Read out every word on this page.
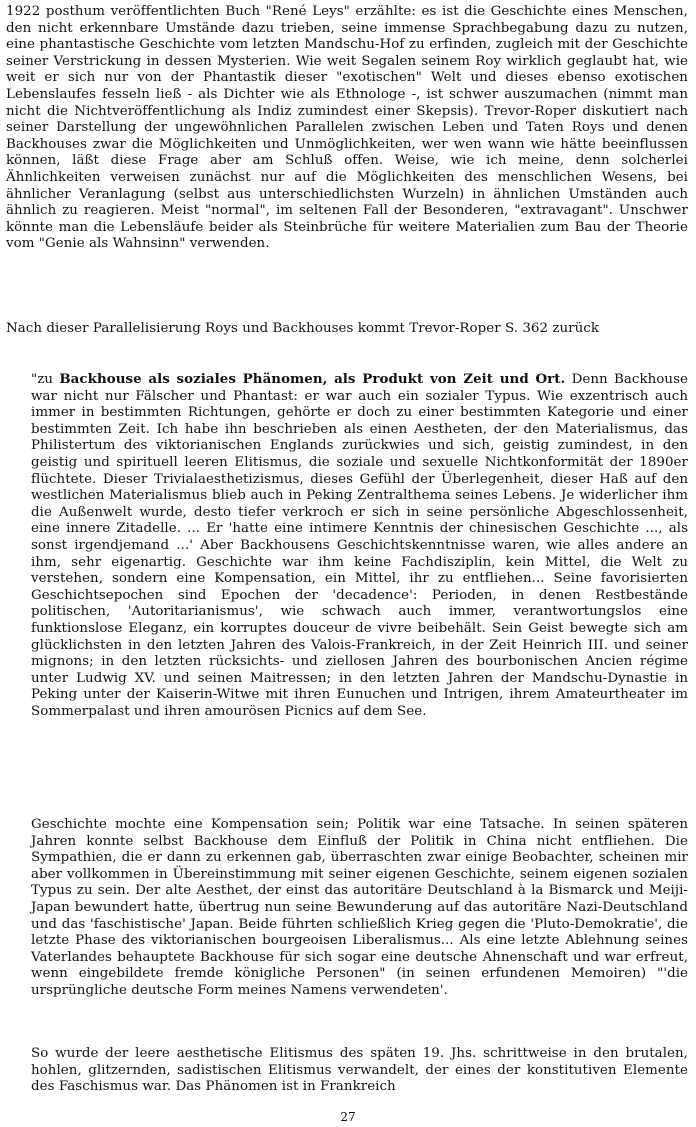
1922 posthum veröffentlichten Buch "René Leys" erzählte: es ist die Geschichte eines Menschen, den nicht erkennbare Umstände dazu trieben, seine immense Sprachbegabung dazu zu nutzen, eine phantastische Geschichte vom letzten Mandschu-Hof zu erfinden, zugleich mit der Geschichte seiner Verstrickung in dessen Mysterien. Wie weit Segalen seinem Roy wirklich geglaubt hat, wie weit er sich nur von der Phantastik dieser "exotischen" Welt und dieses ebenso exotischen Lebenslaufes fesseln ließ - als Dichter wie als Ethnologe -, ist schwer auszumachen (nimmt man nicht die Nichtveröffentlichung als Indiz zumindest einer Skepsis). Trevor-Roper diskutiert nach seiner Darstellung der ungewöhnlichen Parallelen zwischen Leben und Taten Roys und denen Backhouses zwar die Möglichkeiten und Unmöglichkeiten, wer wen wann wie hätte beeinflussen können, läßt diese Frage aber am Schluß offen. Weise, wie ich meine, denn solcherlei Ähnlichkeiten verweisen zunächst nur auf die Möglichkeiten des menschlichen Wesens, bei ähnlicher Veranlagung (selbst aus unterschiedlichsten Wurzeln) in ähnlichen Umständen auch ähnlich zu reagieren. Meist "normal", im seltenen Fall der Besonderen, "extravagant". Unschwer könnte man die Lebensläufe beider als Steinbrüche für weitere Materialien zum Bau der Theorie vom "Genie als Wahnsinn" verwenden.

Nach dieser Parallelisierung Roys und Backhouses kommt Trevor-Roper S. 362 zurück

"zu Backhouse als soziales Phänomen, als Produkt von Zeit und Ort. Denn Backhouse war nicht nur Fälscher und Phantast: er war auch ein sozialer Typus. Wie exzentrisch auch immer in bestimmten Richtungen, gehörte er doch zu einer bestimmten Kategorie und einer bestimmten Zeit. Ich habe ihn beschrieben als einen Aestheten, der den Materialismus, das Philistertum des viktorianischen Englands zurückwies und sich, geistig zumindest, in den geistig und spirituell leeren Elitismus, die soziale und sexuelle Nichtkonformität der 1890er flüchtete. Dieser Trivialaesthetizismus, dieses Gefühl der Überlegenheit, dieser Haß auf den westlichen Materialismus blieb auch in Peking Zentralthema seines Lebens. Je widerlicher ihm die Außenwelt wurde, desto tiefer verkroch er sich in seine persönliche Abgeschlossenheit, eine innere Zitadelle. ... Er 'hatte eine intimere Kenntnis der chinesischen Geschichte ..., als sonst irgendjemand ...' Aber Backhousens Geschichtskenntnisse waren, wie alles andere an ihm, sehr eigenartig. Geschichte war ihm keine Fachdisziplin, kein Mittel, die Welt zu verstehen, sondern eine Kompensation, ein Mittel, ihr zu entfliehen... Seine favorisierten Geschichtsepochen sind Epochen der 'decadence': Perioden, in denen Restbestände politischen, 'Autoritarianismus', wie schwach auch immer, verantwortungslos eine funktionslose Eleganz, ein korruptes douceur de vivre beibehält. Sein Geist bewegte sich am glücklichsten in den letzten Jahren des Valois-Frankreich, in der Zeit Heinrich III. und seiner mignons; in den letzten rücksichts- und ziellosen Jahren des bourbonischen Ancien régime unter Ludwig XV. und seinen Maitressen; in den letzten Jahren der Mandschu-Dynastie in Peking unter der Kaiserin-Witwe mit ihren Eunuchen und Intrigen, ihrem Amateurtheater im Sommerpalast und ihren amourösen Picnics auf dem See.

Geschichte mochte eine Kompensation sein; Politik war eine Tatsache. In seinen späteren Jahren konnte selbst Backhouse dem Einfluß der Politik in China nicht entfliehen. Die Sympathien, die er dann zu erkennen gab, überraschten zwar einige Beobachter, scheinen mir aber vollkommen in Übereinstimmung mit seiner eigenen Geschichte, seinem eigenen sozialen Typus zu sein. Der alte Aesthet, der einst das autoritäre Deutschland à la Bismarck und Meiji-Japan bewundert hatte, übertrug nun seine Bewunderung auf das autoritäre Nazi-Deutschland und das 'faschistische' Japan. Beide führten schließlich Krieg gegen die 'Pluto-Demokratie', die letzte Phase des viktorianischen bourgeoisen Liberalismus... Als eine letzte Ablehnung seines Vaterlandes behauptete Backhouse für sich sogar eine deutsche Ahnenschaft und war erfreut, wenn eingebildete fremde königliche Personen" (in seinen erfundenen Memoiren) "'die ursprüngliche deutsche Form meines Namens verwendeten'.

So wurde der leere aesthetische Elitismus des späten 19. Jhs. schrittweise in den brutalen, hohlen, glitzernden, sadistischen Elitismus verwandelt, der eines der konstitutiven Elemente des Faschismus war. Das Phänomen ist in Frankreich

27
